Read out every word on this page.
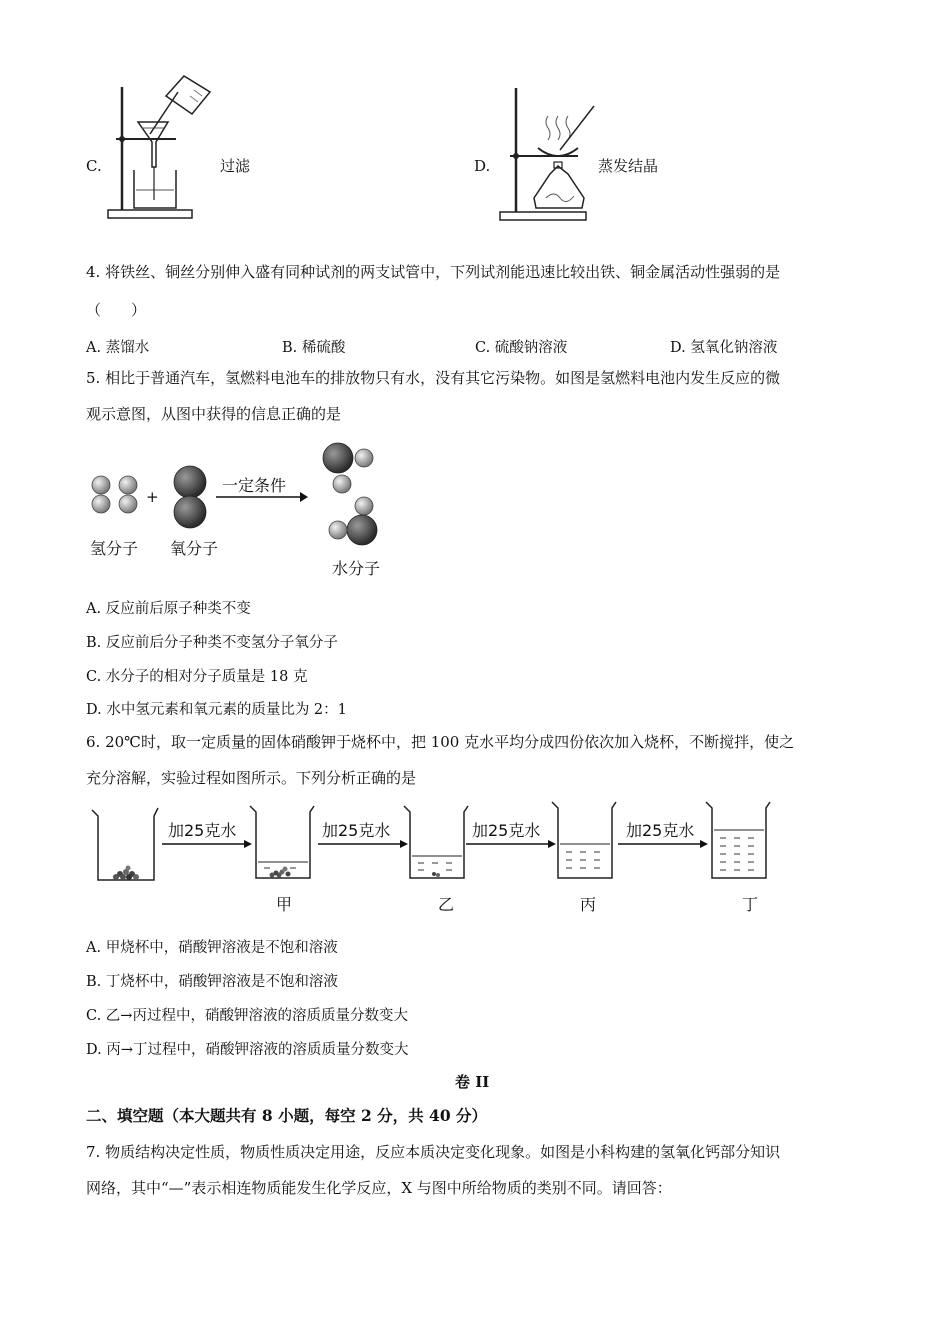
C.	过滤	D.	蒸发结晶
4. 将铁丝、铜丝分别伸入盛有同种试剂的两支试管中，下列试剂能迅速比较出铁、铜金属活动性强弱的是
（　　）
A. 蒸馏水	B. 稀硫酸	C. 硫酸钠溶液	D. 氢氧化钠溶液
5. 相比于普通汽车，氢燃料电池车的排放物只有水，没有其它污染物。如图是氢燃料电池内发生反应的微
观示意图，从图中获得的信息正确的是
+
一定条件
氢分子 氧分子
水分子
A. 反应前后原子种类不变
B. 反应前后分子种类不变氢分子氧分子
C. 水分子的相对分子质量是 18 克
D. 水中氢元素和氧元素的质量比为 2：1
6. 20℃时，取一定质量的固体硝酸钾于烧杯中，把 100 克水平均分成四份依次加入烧杯，不断搅拌，使之
充分溶解，实验过程如图所示。下列分析正确的是
加25克水	加25克水	加25克水	加25克水
甲	乙	丙	丁
A. 甲烧杯中，硝酸钾溶液是不饱和溶液
B. 丁烧杯中，硝酸钾溶液是不饱和溶液
C. 乙→丙过程中，硝酸钾溶液的溶质质量分数变大
D. 丙→丁过程中，硝酸钾溶液的溶质质量分数变大
卷 II
二、填空题（本大题共有 8 小题，每空 2 分，共 40 分）
7. 物质结构决定性质，物质性质决定用途，反应本质决定变化现象。如图是小科构建的氢氧化钙部分知识
网络，其中“—”表示相连物质能发生化学反应，X 与图中所给物质的类别不同。请回答：
